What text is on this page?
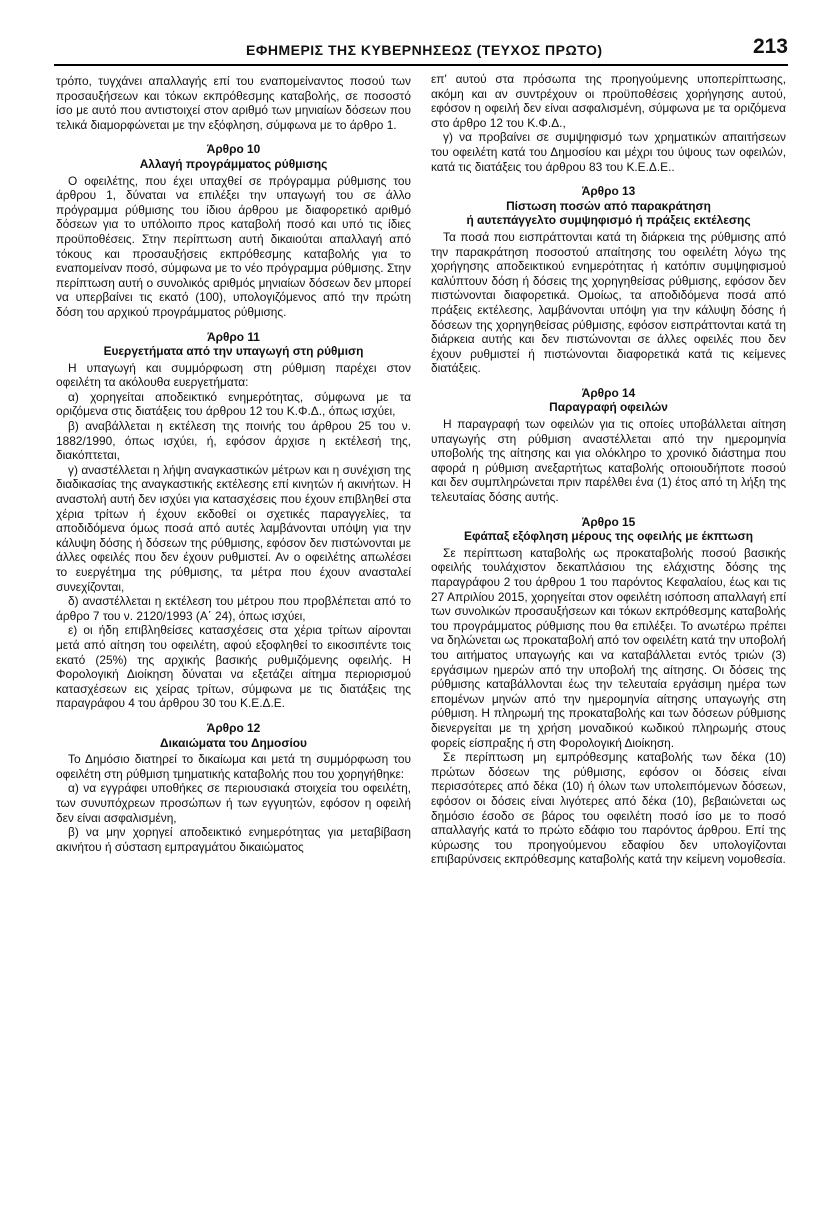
ΕΦΗΜΕΡΙΣ ΤΗΣ ΚΥΒΕΡΝΗΣΕΩΣ (ΤΕΥΧΟΣ ΠΡΩΤΟ)	213

τρόπο, τυγχάνει απαλλαγής επί του εναπομείναντος ποσού των προσαυξήσεων και τόκων εκπρόθεσμης καταβολής, σε ποσοστό ίσο με αυτό που αντιστοιχεί στον αριθμό των μηνιαίων δόσεων που τελικά διαμορφώνεται με την εξόφληση, σύμφωνα με το άρθρο 1.

Άρθρο 10
Αλλαγή προγράμματος ρύθμισης

Ο οφειλέτης, που έχει υπαχθεί σε πρόγραμμα ρύθμισης του άρθρου 1, δύναται να επιλέξει την υπαγωγή του σε άλλο πρόγραμμα ρύθμισης του ίδιου άρθρου με διαφορετικό αριθμό δόσεων για το υπόλοιπο προς καταβολή ποσό και υπό τις ίδιες προϋποθέσεις. Στην περίπτωση αυτή δικαιούται απαλλαγή από τόκους και προσαυξήσεις εκπρόθεσμης καταβολής για το εναπομείναν ποσό, σύμφωνα με το νέο πρόγραμμα ρύθμισης. Στην περίπτωση αυτή ο συνολικός αριθμός μηνιαίων δόσεων δεν μπορεί να υπερβαίνει τις εκατό (100), υπολογιζόμενος από την πρώτη δόση του αρχικού προγράμματος ρύθμισης.

Άρθρο 11
Ευεργετήματα από την υπαγωγή στη ρύθμιση

Η υπαγωγή και συμμόρφωση στη ρύθμιση παρέχει στον οφειλέτη τα ακόλουθα ευεργετήματα:

α) χορηγείται αποδεικτικό ενημερότητας, σύμφωνα με τα οριζόμενα στις διατάξεις του άρθρου 12 του Κ.Φ.Δ., όπως ισχύει,

β) αναβάλλεται η εκτέλεση της ποινής του άρθρου 25 του ν. 1882/1990, όπως ισχύει, ή, εφόσον άρχισε η εκτέλεσή της, διακόπτεται,

γ) αναστέλλεται η λήψη αναγκαστικών μέτρων και η συνέχιση της διαδικασίας της αναγκαστικής εκτέλεσης επί κινητών ή ακινήτων. Η αναστολή αυτή δεν ισχύει για κατασχέσεις που έχουν επιβληθεί στα χέρια τρίτων ή έχουν εκδοθεί οι σχετικές παραγγελίες, τα αποδιδόμενα όμως ποσά από αυτές λαμβάνονται υπόψη για την κάλυψη δόσης ή δόσεων της ρύθμισης, εφόσον δεν πιστώνονται με άλλες οφειλές που δεν έχουν ρυθμιστεί. Αν ο οφειλέτης απωλέσει το ευεργέτημα της ρύθμισης, τα μέτρα που έχουν ανασταλεί συνεχίζονται,

δ) αναστέλλεται η εκτέλεση του μέτρου που προβλέπεται από το άρθρο 7 του ν. 2120/1993 (Α΄ 24), όπως ισχύει,

ε) οι ήδη επιβληθείσες κατασχέσεις στα χέρια τρίτων αίρονται μετά από αίτηση του οφειλέτη, αφού εξοφληθεί το εικοσιπέντε τοις εκατό (25%) της αρχικής βασικής ρυθμιζόμενης οφειλής. Η Φορολογική Διοίκηση δύναται να εξετάζει αίτημα περιορισμού κατασχέσεων εις χείρας τρίτων, σύμφωνα με τις διατάξεις της παραγράφου 4 του άρθρου 30 του Κ.Ε.Δ.Ε.

Άρθρο 12
Δικαιώματα του Δημοσίου

Το Δημόσιο διατηρεί το δικαίωμα και μετά τη συμμόρφωση του οφειλέτη στη ρύθμιση τμηματικής καταβολής που του χορηγήθηκε:

α) να εγγράφει υποθήκες σε περιουσιακά στοιχεία του οφειλέτη, των συνυπόχρεων προσώπων ή των εγγυητών, εφόσον η οφειλή δεν είναι ασφαλισμένη,

β) να μην χορηγεί αποδεικτικό ενημερότητας για μεταβίβαση ακινήτου ή σύσταση εμπραγμάτου δικαιώματος

επ' αυτού στα πρόσωπα της προηγούμενης υποπερίπτωσης, ακόμη και αν συντρέχουν οι προϋποθέσεις χορήγησης αυτού, εφόσον η οφειλή δεν είναι ασφαλισμένη, σύμφωνα με τα οριζόμενα στο άρθρο 12 του Κ.Φ.Δ.,

γ) να προβαίνει σε συμψηφισμό των χρηματικών απαιτήσεων του οφειλέτη κατά του Δημοσίου και μέχρι του ύψους των οφειλών, κατά τις διατάξεις του άρθρου 83 του Κ.Ε.Δ.Ε..

Άρθρο 13
Πίστωση ποσών από παρακράτηση
ή αυτεπάγγελτο συμψηφισμό ή πράξεις εκτέλεσης

Τα ποσά που εισπράττονται κατά τη διάρκεια της ρύθμισης από την παρακράτηση ποσοστού απαίτησης του οφειλέτη λόγω της χορήγησης αποδεικτικού ενημερότητας ή κατόπιν συμψηφισμού καλύπτουν δόση ή δόσεις της χορηγηθείσας ρύθμισης, εφόσον δεν πιστώνονται διαφορετικά. Ομοίως, τα αποδιδόμενα ποσά από πράξεις εκτέλεσης, λαμβάνονται υπόψη για την κάλυψη δόσης ή δόσεων της χορηγηθείσας ρύθμισης, εφόσον εισπράττονται κατά τη διάρκεια αυτής και δεν πιστώνονται σε άλλες οφειλές που δεν έχουν ρυθμιστεί ή πιστώνονται διαφορετικά κατά τις κείμενες διατάξεις.

Άρθρο 14
Παραγραφή οφειλών

Η παραγραφή των οφειλών για τις οποίες υποβάλλεται αίτηση υπαγωγής στη ρύθμιση αναστέλλεται από την ημερομηνία υποβολής της αίτησης και για ολόκληρο το χρονικό διάστημα που αφορά η ρύθμιση ανεξαρτήτως καταβολής οποιουδήποτε ποσού και δεν συμπληρώνεται πριν παρέλθει ένα (1) έτος από τη λήξη της τελευταίας δόσης αυτής.

Άρθρο 15
Εφάπαξ εξόφληση μέρους της οφειλής με έκπτωση

Σε περίπτωση καταβολής ως προκαταβολής ποσού βασικής οφειλής τουλάχιστον δεκαπλάσιου της ελάχιστης δόσης της παραγράφου 2 του άρθρου 1 του παρόντος Κεφαλαίου, έως και τις 27 Απριλίου 2015, χορηγείται στον οφειλέτη ισόποση απαλλαγή επί των συνολικών προσαυξήσεων και τόκων εκπρόθεσμης καταβολής του προγράμματος ρύθμισης που θα επιλέξει. Το ανωτέρω πρέπει να δηλώνεται ως προκαταβολή από τον οφειλέτη κατά την υποβολή του αιτήματος υπαγωγής και να καταβάλλεται εντός τριών (3) εργάσιμων ημερών από την υποβολή της αίτησης. Οι δόσεις της ρύθμισης καταβάλλονται έως την τελευταία εργάσιμη ημέρα των επομένων μηνών από την ημερομηνία αίτησης υπαγωγής στη ρύθμιση. Η πληρωμή της προκαταβολής και των δόσεων ρύθμισης διενεργείται με τη χρήση μοναδικού κωδικού πληρωμής στους φορείς είσπραξης ή στη Φορολογική Διοίκηση.

Σε περίπτωση μη εμπρόθεσμης καταβολής των δέκα (10) πρώτων δόσεων της ρύθμισης, εφόσον οι δόσεις είναι περισσότερες από δέκα (10) ή όλων των υπολειπόμενων δόσεων, εφόσον οι δόσεις είναι λιγότερες από δέκα (10), βεβαιώνεται ως δημόσιο έσοδο σε βάρος του οφειλέτη ποσό ίσο με το ποσό απαλλαγής κατά το πρώτο εδάφιο του παρόντος άρθρου. Επί της κύρωσης του προηγούμενου εδαφίου δεν υπολογίζονται επιβαρύνσεις εκπρόθεσμης καταβολής κατά την κείμενη νομοθεσία.
